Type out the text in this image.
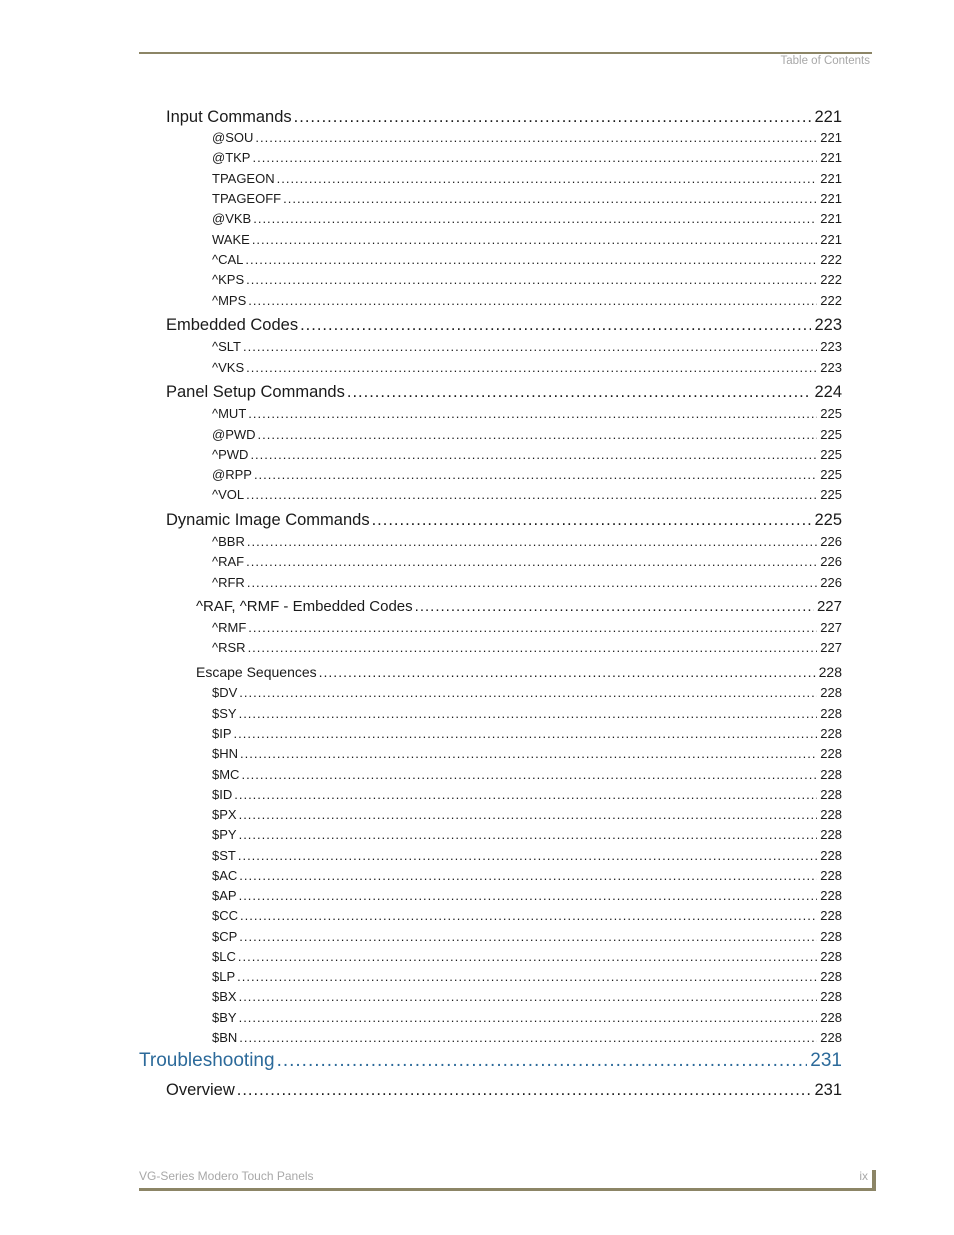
Table of Contents
Input Commands .....	221
@SOU .....	221
@TKP .....	221
TPAGEON .....	221
TPAGEOFF .....	221
@VKB .....	221
WAKE .....	221
^CAL .....	222
^KPS .....	222
^MPS .....	222
Embedded Codes .....	223
^SLT .....	223
^VKS .....	223
Panel Setup Commands .....	224
^MUT .....	225
@PWD .....	225
^PWD .....	225
@RPP .....	225
^VOL .....	225
Dynamic Image Commands .....	225
^BBR .....	226
^RAF .....	226
^RFR .....	226
^RAF, ^RMF - Embedded Codes .....	227
^RMF .....	227
^RSR .....	227
Escape Sequences .....	228
$DV .....	228
$SY .....	228
$IP .....	228
$HN .....	228
$MC .....	228
$ID .....	228
$PX .....	228
$PY .....	228
$ST .....	228
$AC .....	228
$AP .....	228
$CC .....	228
$CP .....	228
$LC .....	228
$LP .....	228
$BX .....	228
$BY .....	228
$BN .....	228
Troubleshooting .....	231
Overview .....	231
VG-Series Modero Touch Panels	ix
